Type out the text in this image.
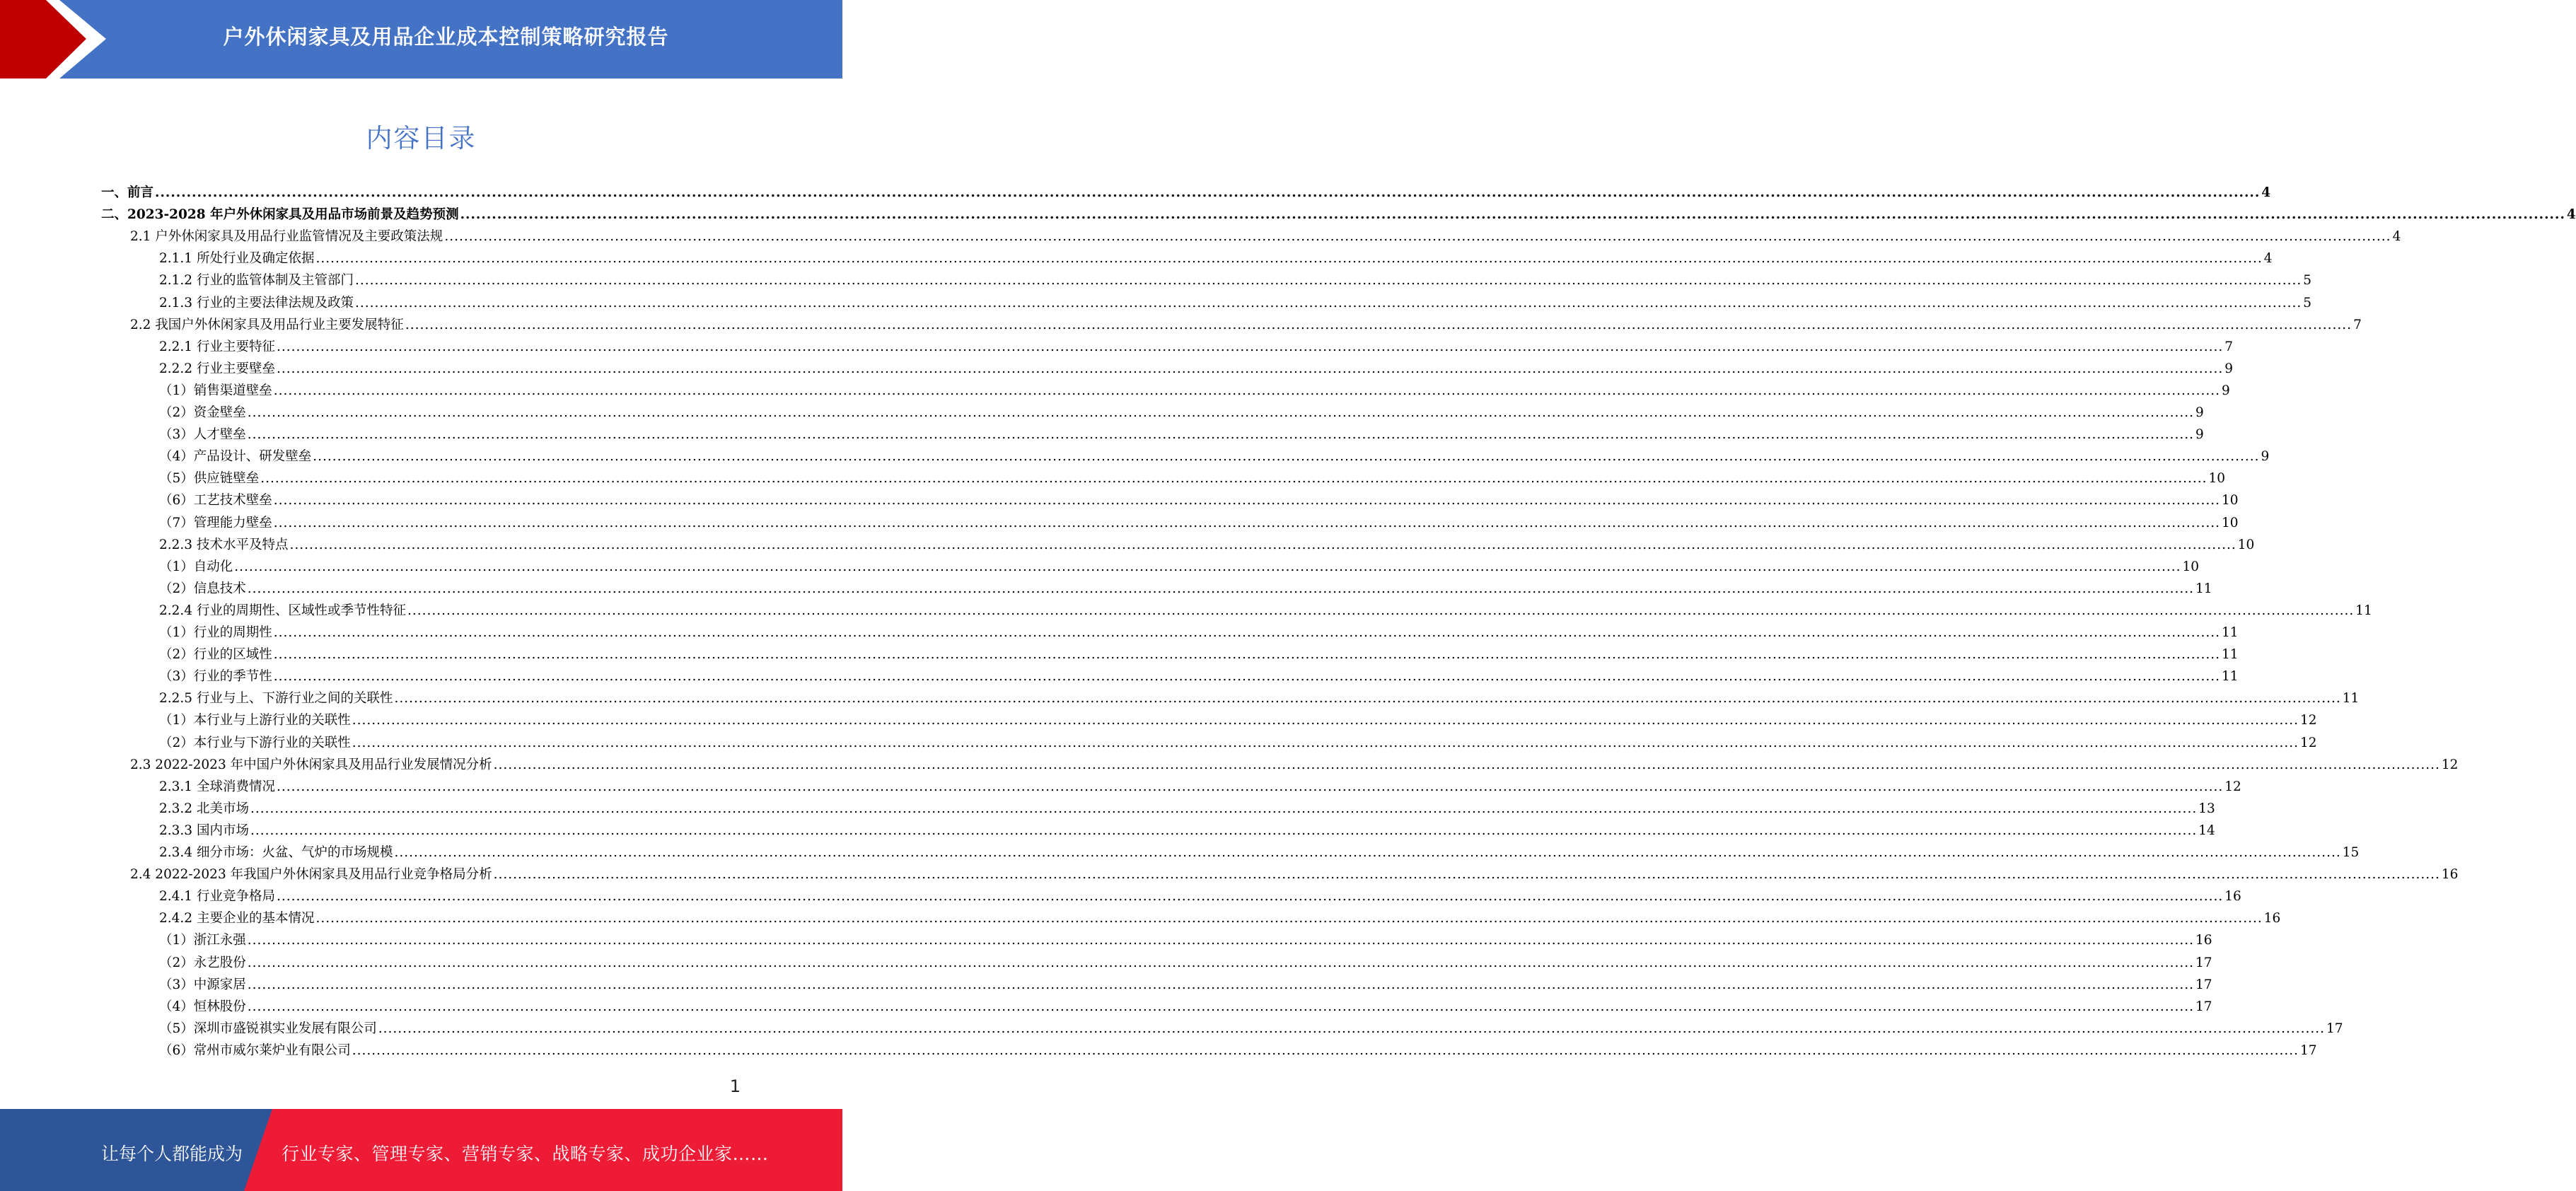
户外休闲家具及用品企业成本控制策略研究报告
内容目录
一、前言 ................................................................................................................................................................................................................................................................................................................................................................................................................ 4
二、2023-2028 年户外休闲家具及用品市场前景及趋势预测 ................................................................................................................................................................................................................................................................................................................................................................................................................ 4
2.1 户外休闲家具及用品行业监管情况及主要政策法规 ................................................................................................................................................................................................................................................................................................................................................................................................................ 4
2.1.1 所处行业及确定依据 ................................................................................................................................................................................................................................................................................................................................................................................................................ 4
2.1.2 行业的监管体制及主管部门 ................................................................................................................................................................................................................................................................................................................................................................................................................ 5
2.1.3 行业的主要法律法规及政策 ................................................................................................................................................................................................................................................................................................................................................................................................................ 5
2.2 我国户外休闲家具及用品行业主要发展特征 ................................................................................................................................................................................................................................................................................................................................................................................................................ 7
2.2.1 行业主要特征 ................................................................................................................................................................................................................................................................................................................................................................................................................ 7
2.2.2 行业主要壁垒 ................................................................................................................................................................................................................................................................................................................................................................................................................ 9
（1）销售渠道壁垒 ................................................................................................................................................................................................................................................................................................................................................................................................................ 9
（2）资金壁垒 ................................................................................................................................................................................................................................................................................................................................................................................................................ 9
（3）人才壁垒 ................................................................................................................................................................................................................................................................................................................................................................................................................ 9
（4）产品设计、研发壁垒 ................................................................................................................................................................................................................................................................................................................................................................................................................ 9
（5）供应链壁垒 ................................................................................................................................................................................................................................................................................................................................................................................................................ 10
（6）工艺技术壁垒 ................................................................................................................................................................................................................................................................................................................................................................................................................ 10
（7）管理能力壁垒 ................................................................................................................................................................................................................................................................................................................................................................................................................ 10
2.2.3 技术水平及特点 ................................................................................................................................................................................................................................................................................................................................................................................................................ 10
（1）自动化 ................................................................................................................................................................................................................................................................................................................................................................................................................ 10
（2）信息技术 ................................................................................................................................................................................................................................................................................................................................................................................................................ 11
2.2.4 行业的周期性、区域性或季节性特征 ................................................................................................................................................................................................................................................................................................................................................................................................................ 11
（1）行业的周期性 ................................................................................................................................................................................................................................................................................................................................................................................................................ 11
（2）行业的区域性 ................................................................................................................................................................................................................................................................................................................................................................................................................ 11
（3）行业的季节性 ................................................................................................................................................................................................................................................................................................................................................................................................................ 11
2.2.5 行业与上、下游行业之间的关联性 ................................................................................................................................................................................................................................................................................................................................................................................................................ 11
（1）本行业与上游行业的关联性 ................................................................................................................................................................................................................................................................................................................................................................................................................ 12
（2）本行业与下游行业的关联性 ................................................................................................................................................................................................................................................................................................................................................................................................................ 12
2.3 2022-2023 年中国户外休闲家具及用品行业发展情况分析 ................................................................................................................................................................................................................................................................................................................................................................................................................ 12
2.3.1 全球消费情况 ................................................................................................................................................................................................................................................................................................................................................................................................................ 12
2.3.2 北美市场 ................................................................................................................................................................................................................................................................................................................................................................................................................ 13
2.3.3 国内市场 ................................................................................................................................................................................................................................................................................................................................................................................................................ 14
2.3.4 细分市场：火盆、气炉的市场规模 ................................................................................................................................................................................................................................................................................................................................................................................................................ 15
2.4 2022-2023 年我国户外休闲家具及用品行业竞争格局分析 ................................................................................................................................................................................................................................................................................................................................................................................................................ 16
2.4.1 行业竞争格局 ................................................................................................................................................................................................................................................................................................................................................................................................................ 16
2.4.2 主要企业的基本情况 ................................................................................................................................................................................................................................................................................................................................................................................................................ 16
（1）浙江永强 ................................................................................................................................................................................................................................................................................................................................................................................................................ 16
（2）永艺股份 ................................................................................................................................................................................................................................................................................................................................................................................................................ 17
（3）中源家居 ................................................................................................................................................................................................................................................................................................................................................................................................................ 17
（4）恒林股份 ................................................................................................................................................................................................................................................................................................................................................................................................................ 17
（5）深圳市盛锐祺实业发展有限公司 ................................................................................................................................................................................................................................................................................................................................................................................................................ 17
（6）常州市威尔莱炉业有限公司 ................................................................................................................................................................................................................................................................................................................................................................................................................ 17
1
让每个人都能成为 行业专家、管理专家、营销专家、战略专家、成功企业家……
